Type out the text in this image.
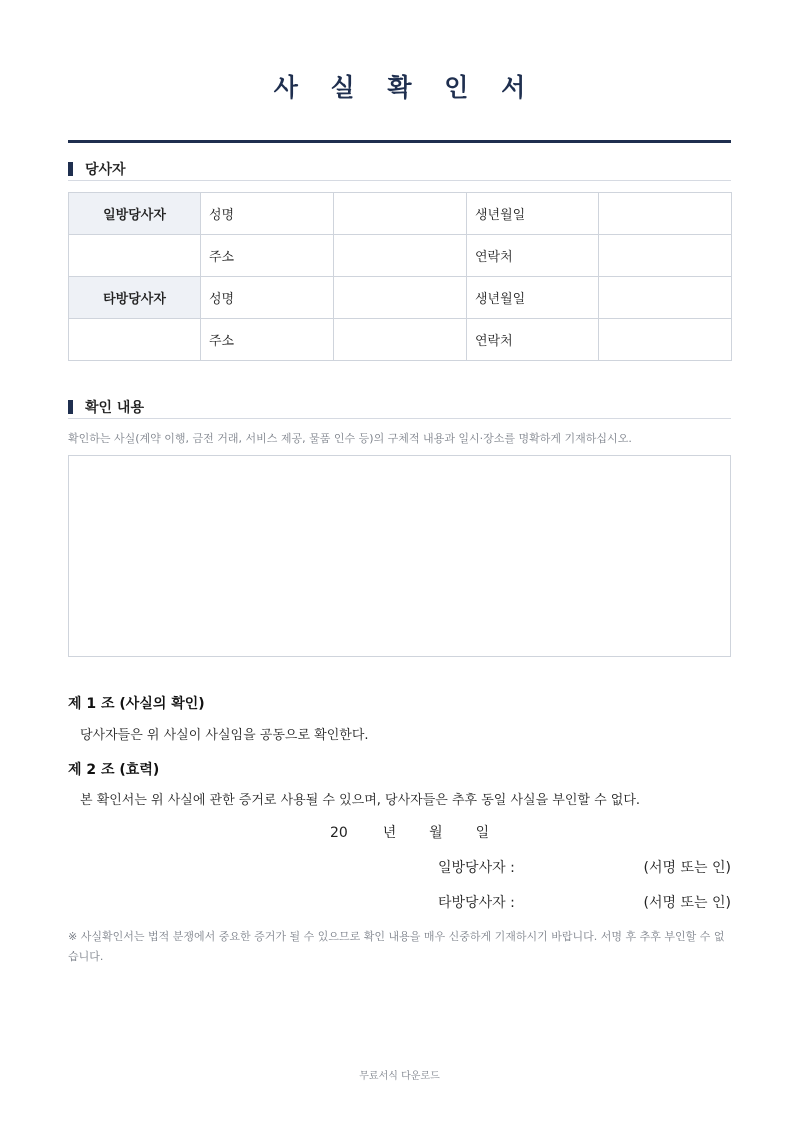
사 실 확 인 서
당사자
일방당사자	성명		생년월일	
	주소		연락처	
타방당사자	성명		생년월일	
	주소		연락처	
확인 내용
확인하는 사실(계약 이행, 금전 거래, 서비스 제공, 물품 인수 등)의 구체적 내용과 일시·장소를 명확하게 기재하십시오.
제 1 조 (사실의 확인)
당사자들은 위 사실이 사실임을 공동으로 확인한다.
제 2 조 (효력)
본 확인서는 위 사실에 관한 증거로 사용될 수 있으며, 당사자들은 추후 동일 사실을 부인할 수 없다.
20 년 월 일
일방당사자 :	(서명 또는 인)
타방당사자 :	(서명 또는 인)
※ 사실확인서는 법적 분쟁에서 중요한 증거가 될 수 있으므로 확인 내용을 매우 신중하게 기재하시기 바랍니다. 서명 후 추후 부인할 수 없습니다.
무료서식 다운로드
